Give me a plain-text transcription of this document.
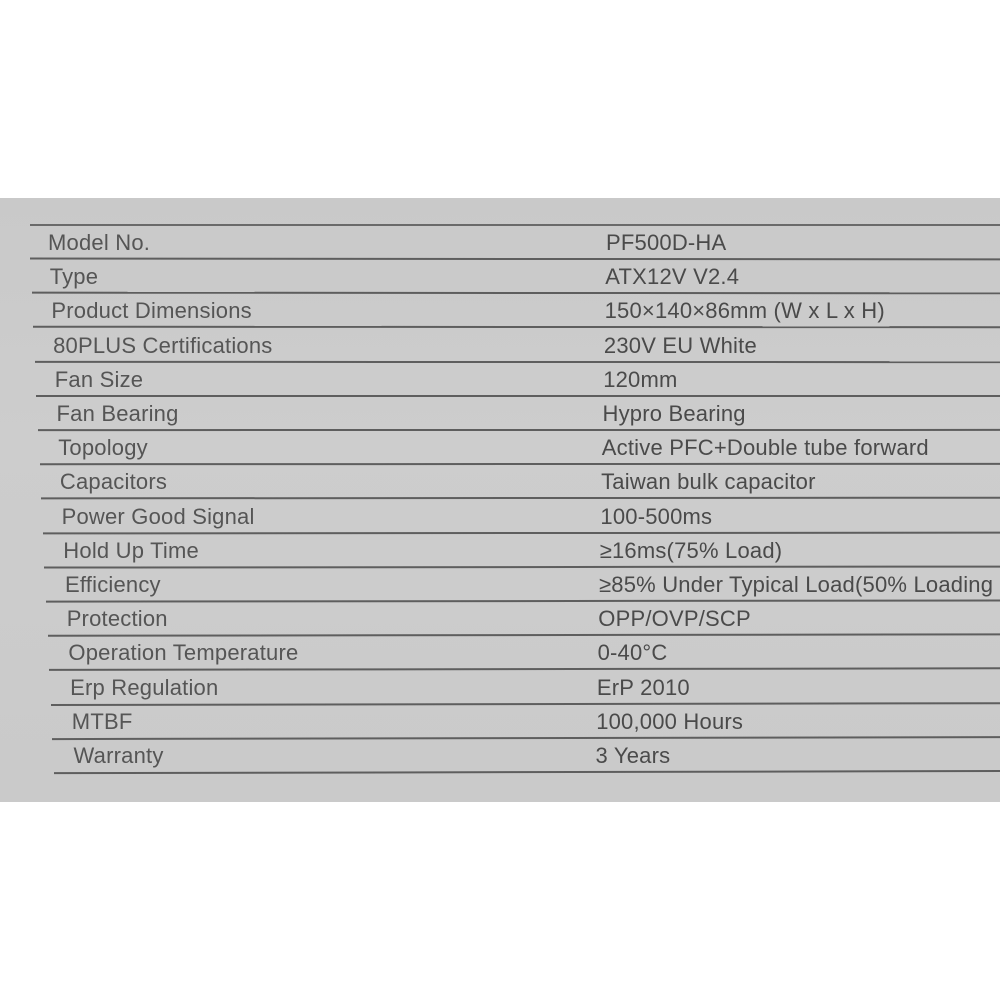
Model No.	PF500D-HA
Type	ATX12V V2.4
Product Dimensions	150×140×86mm (W x L x H)
80PLUS Certifications	230V EU White
Fan Size	120mm
Fan Bearing	Hypro Bearing
Topology	Active PFC+Double tube forward
Capacitors	Taiwan bulk capacitor
Power Good Signal	100-500ms
Hold Up Time	≥16ms(75% Load)
Efficiency	≥85% Under Typical Load(50% Loading
Protection	OPP/OVP/SCP
Operation Temperature	0-40°C
Erp Regulation	ErP 2010
MTBF	100,000 Hours
Warranty	3 Years
